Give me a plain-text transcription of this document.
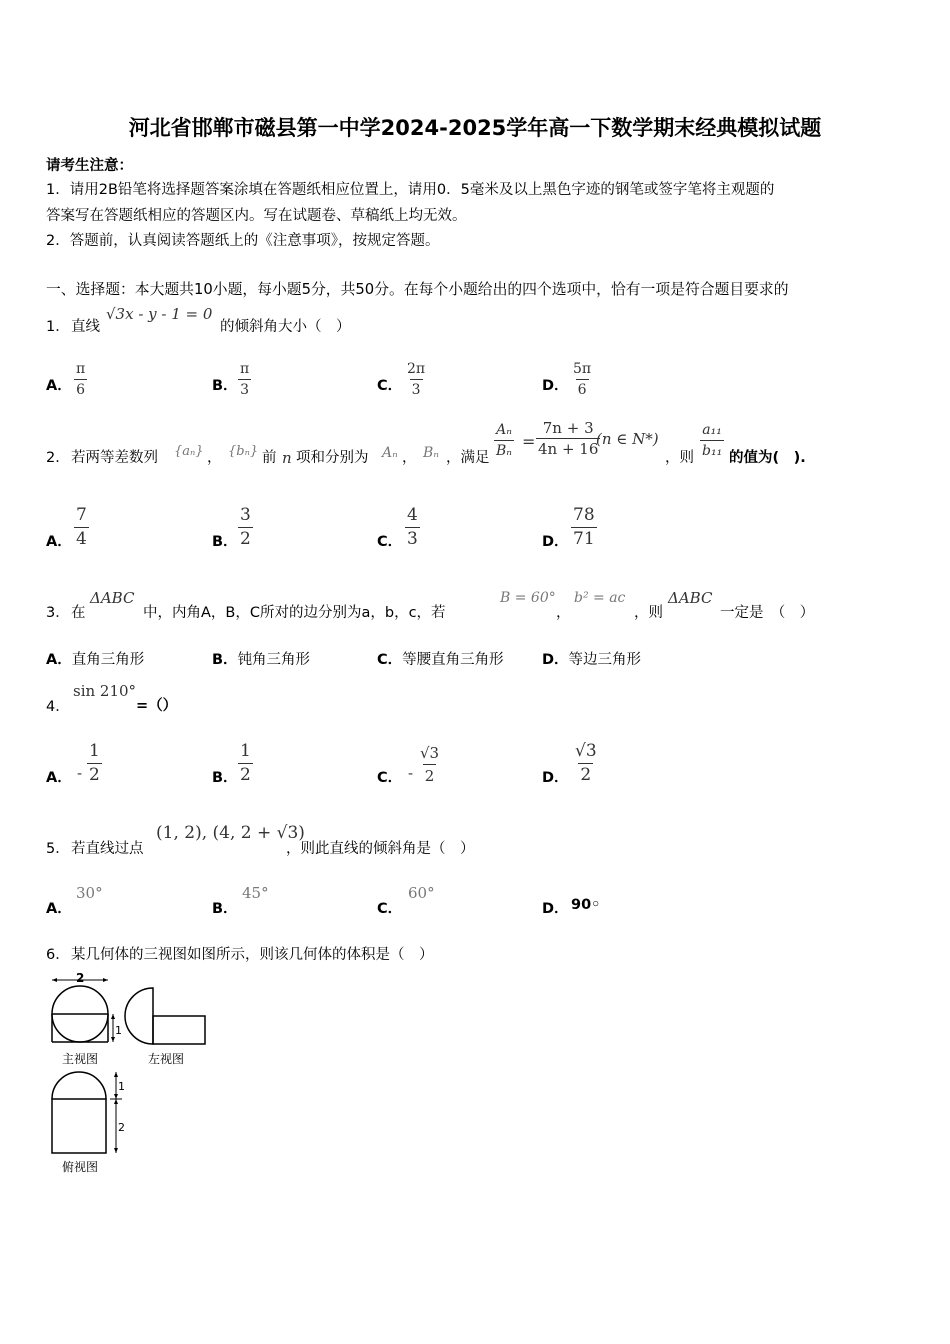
河北省邯郸市磁县第一中学2024-2025学年高一下数学期末经典模拟试题
请考生注意：
1．请用2B铅笔将选择题答案涂填在答题纸相应位置上，请用0．5毫米及以上黑色字迹的钢笔或签字笔将主观题的
答案写在答题纸相应的答题区内。写在试题卷、草稿纸上均无效。
2．答题前，认真阅读答题纸上的《注意事项》，按规定答题。
一、选择题：本大题共10小题，每小题5分，共50分。在每个小题给出的四个选项中，恰有一项是符合题目要求的
1． 直线
√3x - y - 1 = 0
的倾斜角大小（　）
A． $\frac{\pi}{6}$	B． $\frac{\pi}{3}$	C． $\frac{2\pi}{3}$	D． $\frac{5\pi}{6}$
2． 若两等差数列 {aₙ} ， {bₙ} 前 n 项和分别为 Aₙ ， Bₙ ，满足 $\frac{\text{Aₙ}}{\text{Bₙ}} = \frac{7n + 3}{4n + 16}$
(n ∈ N*)
，则 $\frac{\text{a₁₁}}{\text{b₁₁}}$ 的值为(　).
A． $\frac{7}{4}$	B． $\frac{3}{2}$	C． $\frac{4}{3}$	D． $\frac{78}{71}$
3． 在
ΔABC
中，内角A，B，C所对的边分别为a，b，c，若
B = 60°
，
b² = ac
，则
ΔABC
一定是　（　）
A．直角三角形	B．钝角三角形	C．等腰直角三角形	D．等边三角形
4．
sin 210°
=（）
A． - $\frac{1}{2}$	B． $\frac{1}{2}$	C． - $\frac{√3}{2}$	D． $\frac{√3}{2}$
5． 若直线过点
(1, 2), (4, 2 + √3)
，则此直线的倾斜角是（　）
A．
30°
B．
45°
C．
60°
D． 90◦
6． 某几何体的三视图如图所示，则该几何体的体积是（　）
2
1
主视图	左视图
1
2
俯视图
